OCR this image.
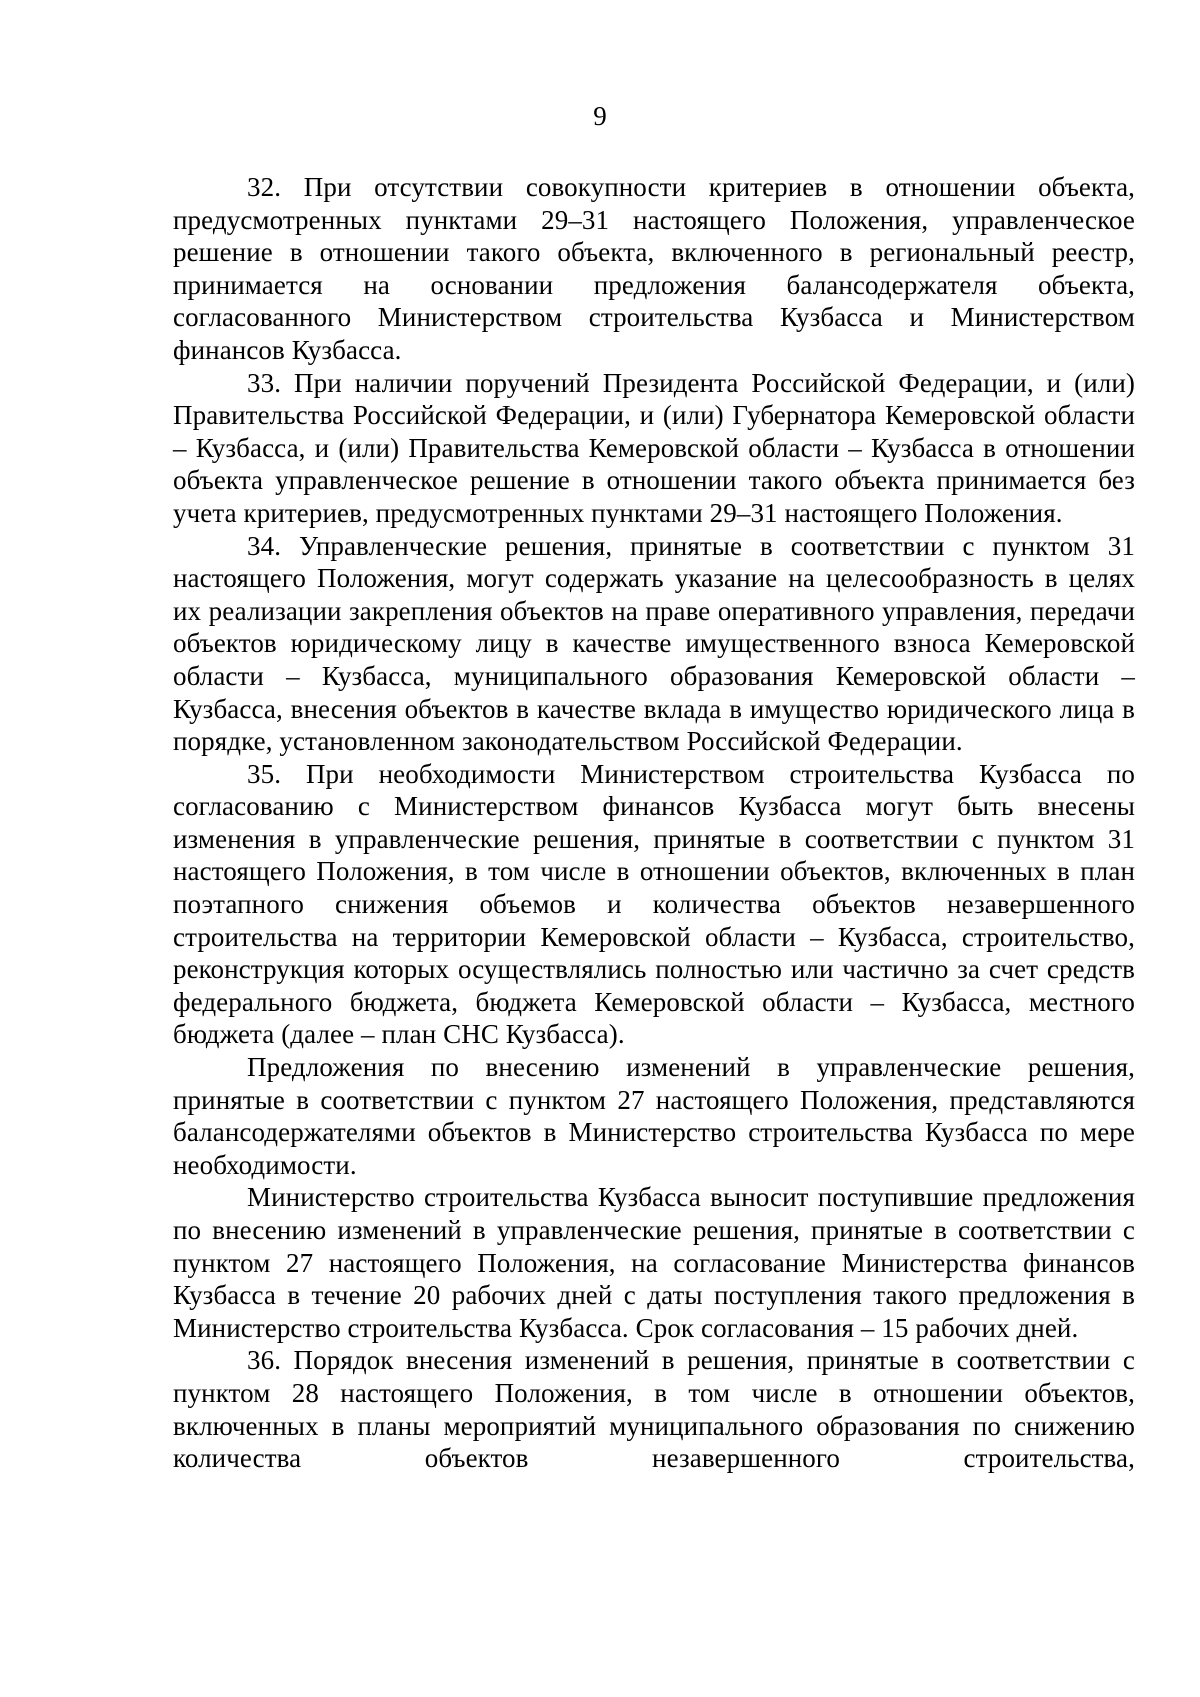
9

32. При отсутствии совокупности критериев в отношении объекта, предусмотренных пунктами 29–31 настоящего Положения, управленческое решение в отношении такого объекта, включенного в региональный реестр, принимается на основании предложения балансодержателя объекта, согласованного Министерством строительства Кузбасса и Министерством финансов Кузбасса.

33. При наличии поручений Президента Российской Федерации, и (или) Правительства Российской Федерации, и (или) Губернатора Кемеровской области – Кузбасса, и (или) Правительства Кемеровской области – Кузбасса в отношении объекта управленческое решение в отношении такого объекта принимается без учета критериев, предусмотренных пунктами 29–31 настоящего Положения.

34. Управленческие решения, принятые в соответствии с пунктом 31 настоящего Положения, могут содержать указание на целесообразность в целях их реализации закрепления объектов на праве оперативного управления, передачи объектов юридическому лицу в качестве имущественного взноса Кемеровской области – Кузбасса, муниципального образования Кемеровской области – Кузбасса, внесения объектов в качестве вклада в имущество юридического лица в порядке, установленном законодательством Российской Федерации.

35. При необходимости Министерством строительства Кузбасса по согласованию с Министерством финансов Кузбасса могут быть внесены изменения в управленческие решения, принятые в соответствии с пунктом 31 настоящего Положения, в том числе в отношении объектов, включенных в план поэтапного снижения объемов и количества объектов незавершенного строительства на территории Кемеровской области – Кузбасса, строительство, реконструкция которых осуществлялись полностью или частично за счет средств федерального бюджета, бюджета Кемеровской области – Кузбасса, местного бюджета (далее – план СНС Кузбасса).

Предложения по внесению изменений в управленческие решения, принятые в соответствии с пунктом 27 настоящего Положения, представляются балансодержателями объектов в Министерство строительства Кузбасса по мере необходимости.

Министерство строительства Кузбасса выносит поступившие предложения по внесению изменений в управленческие решения, принятые в соответствии с пунктом 27 настоящего Положения, на согласование Министерства финансов Кузбасса в течение 20 рабочих дней с даты поступления такого предложения в Министерство строительства Кузбасса. Срок согласования – 15 рабочих дней.

36. Порядок внесения изменений в решения, принятые в соответствии с пунктом 28 настоящего Положения, в том числе в отношении объектов, включенных в планы мероприятий муниципального образования по снижению количества объектов незавершенного строительства,
